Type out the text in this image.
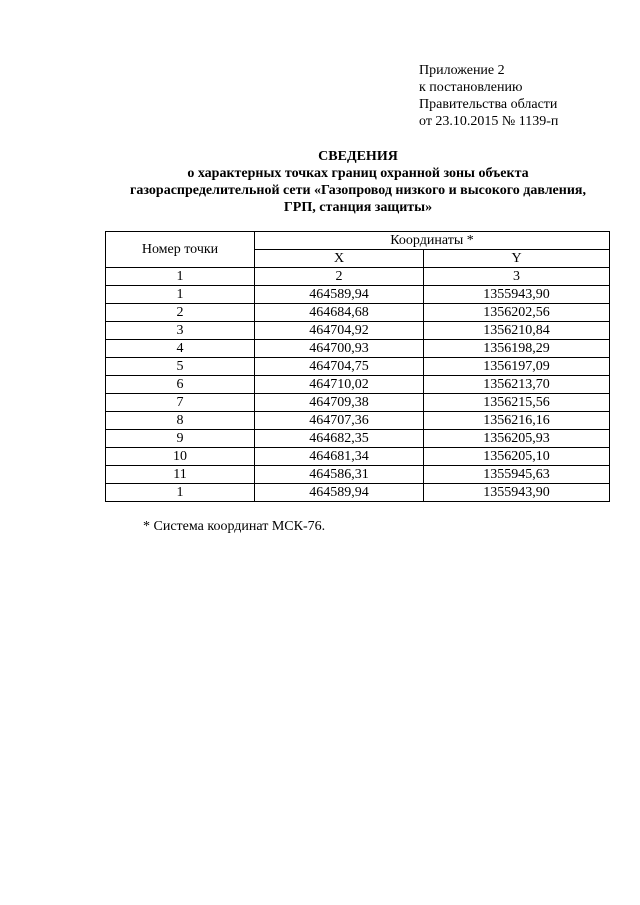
Приложение 2
к постановлению
Правительства области
от 23.10.2015 № 1139-п
СВЕДЕНИЯ
о характерных точках границ охранной зоны объекта
газораспределительной сети «Газопровод низкого и высокого давления,
ГРП, станция защиты»
Номер точки	Координаты *	
	X	Y
1	2	3
1	464589,94	1355943,90
2	464684,68	1356202,56
3	464704,92	1356210,84
4	464700,93	1356198,29
5	464704,75	1356197,09
6	464710,02	1356213,70
7	464709,38	1356215,56
8	464707,36	1356216,16
9	464682,35	1356205,93
10	464681,34	1356205,10
11	464586,31	1355945,63
1	464589,94	1355943,90
* Система координат МСК-76.
